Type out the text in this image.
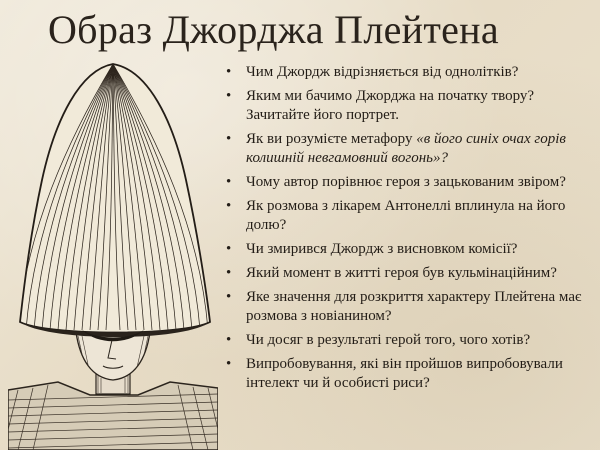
Образ Джорджа Плейтена
• Чим Джордж відрізняється від однолітків?
• Яким ми бачимо Джорджа на початку твору? Зачитайте його портрет.
• Як ви розумієте метафору «в його синіх очах горів колишній невгамовний вогонь»?
• Чому автор порівнює героя з зацькованим звіром?
• Як розмова з лікарем Антонеллі вплинула на його долю?
• Чи змирився Джордж з висновком комісії?
• Який момент в житті героя був кульмінаційним?
• Яке значення для розкриття характеру Плейтена має розмова з новіанином?
• Чи досяг в результаті герой того, чого хотів?
• Випробовування, які він пройшов випробовували інтелект чи й особисті риси?
